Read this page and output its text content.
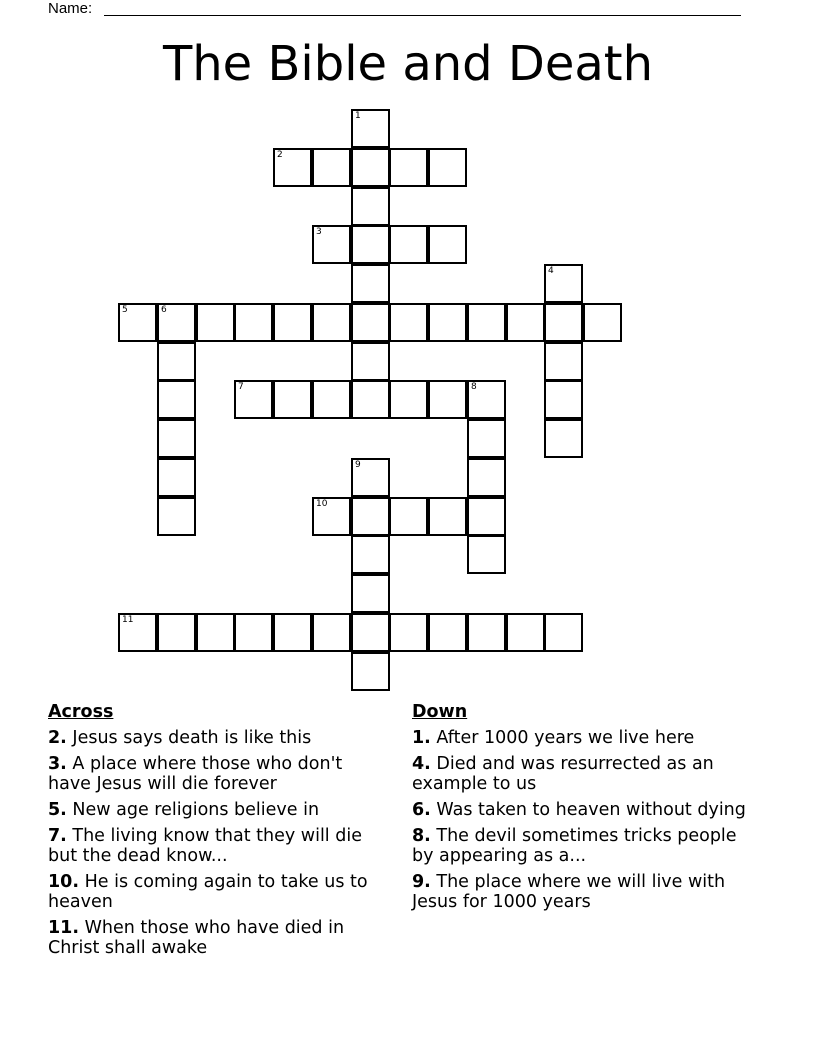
Name:
The Bible and Death
1
2
3
4
5	6
7	8
9
10
11
Across
2. Jesus says death is like this
3. A place where those who don't have Jesus will die forever
5. New age religions believe in
7. The living know that they will die but the dead know...
10. He is coming again to take us to heaven
11. When those who have died in Christ shall awake
Down
1. After 1000 years we live here
4. Died and was resurrected as an example to us
6. Was taken to heaven without dying
8. The devil sometimes tricks people by appearing as a...
9. The place where we will live with Jesus for 1000 years
